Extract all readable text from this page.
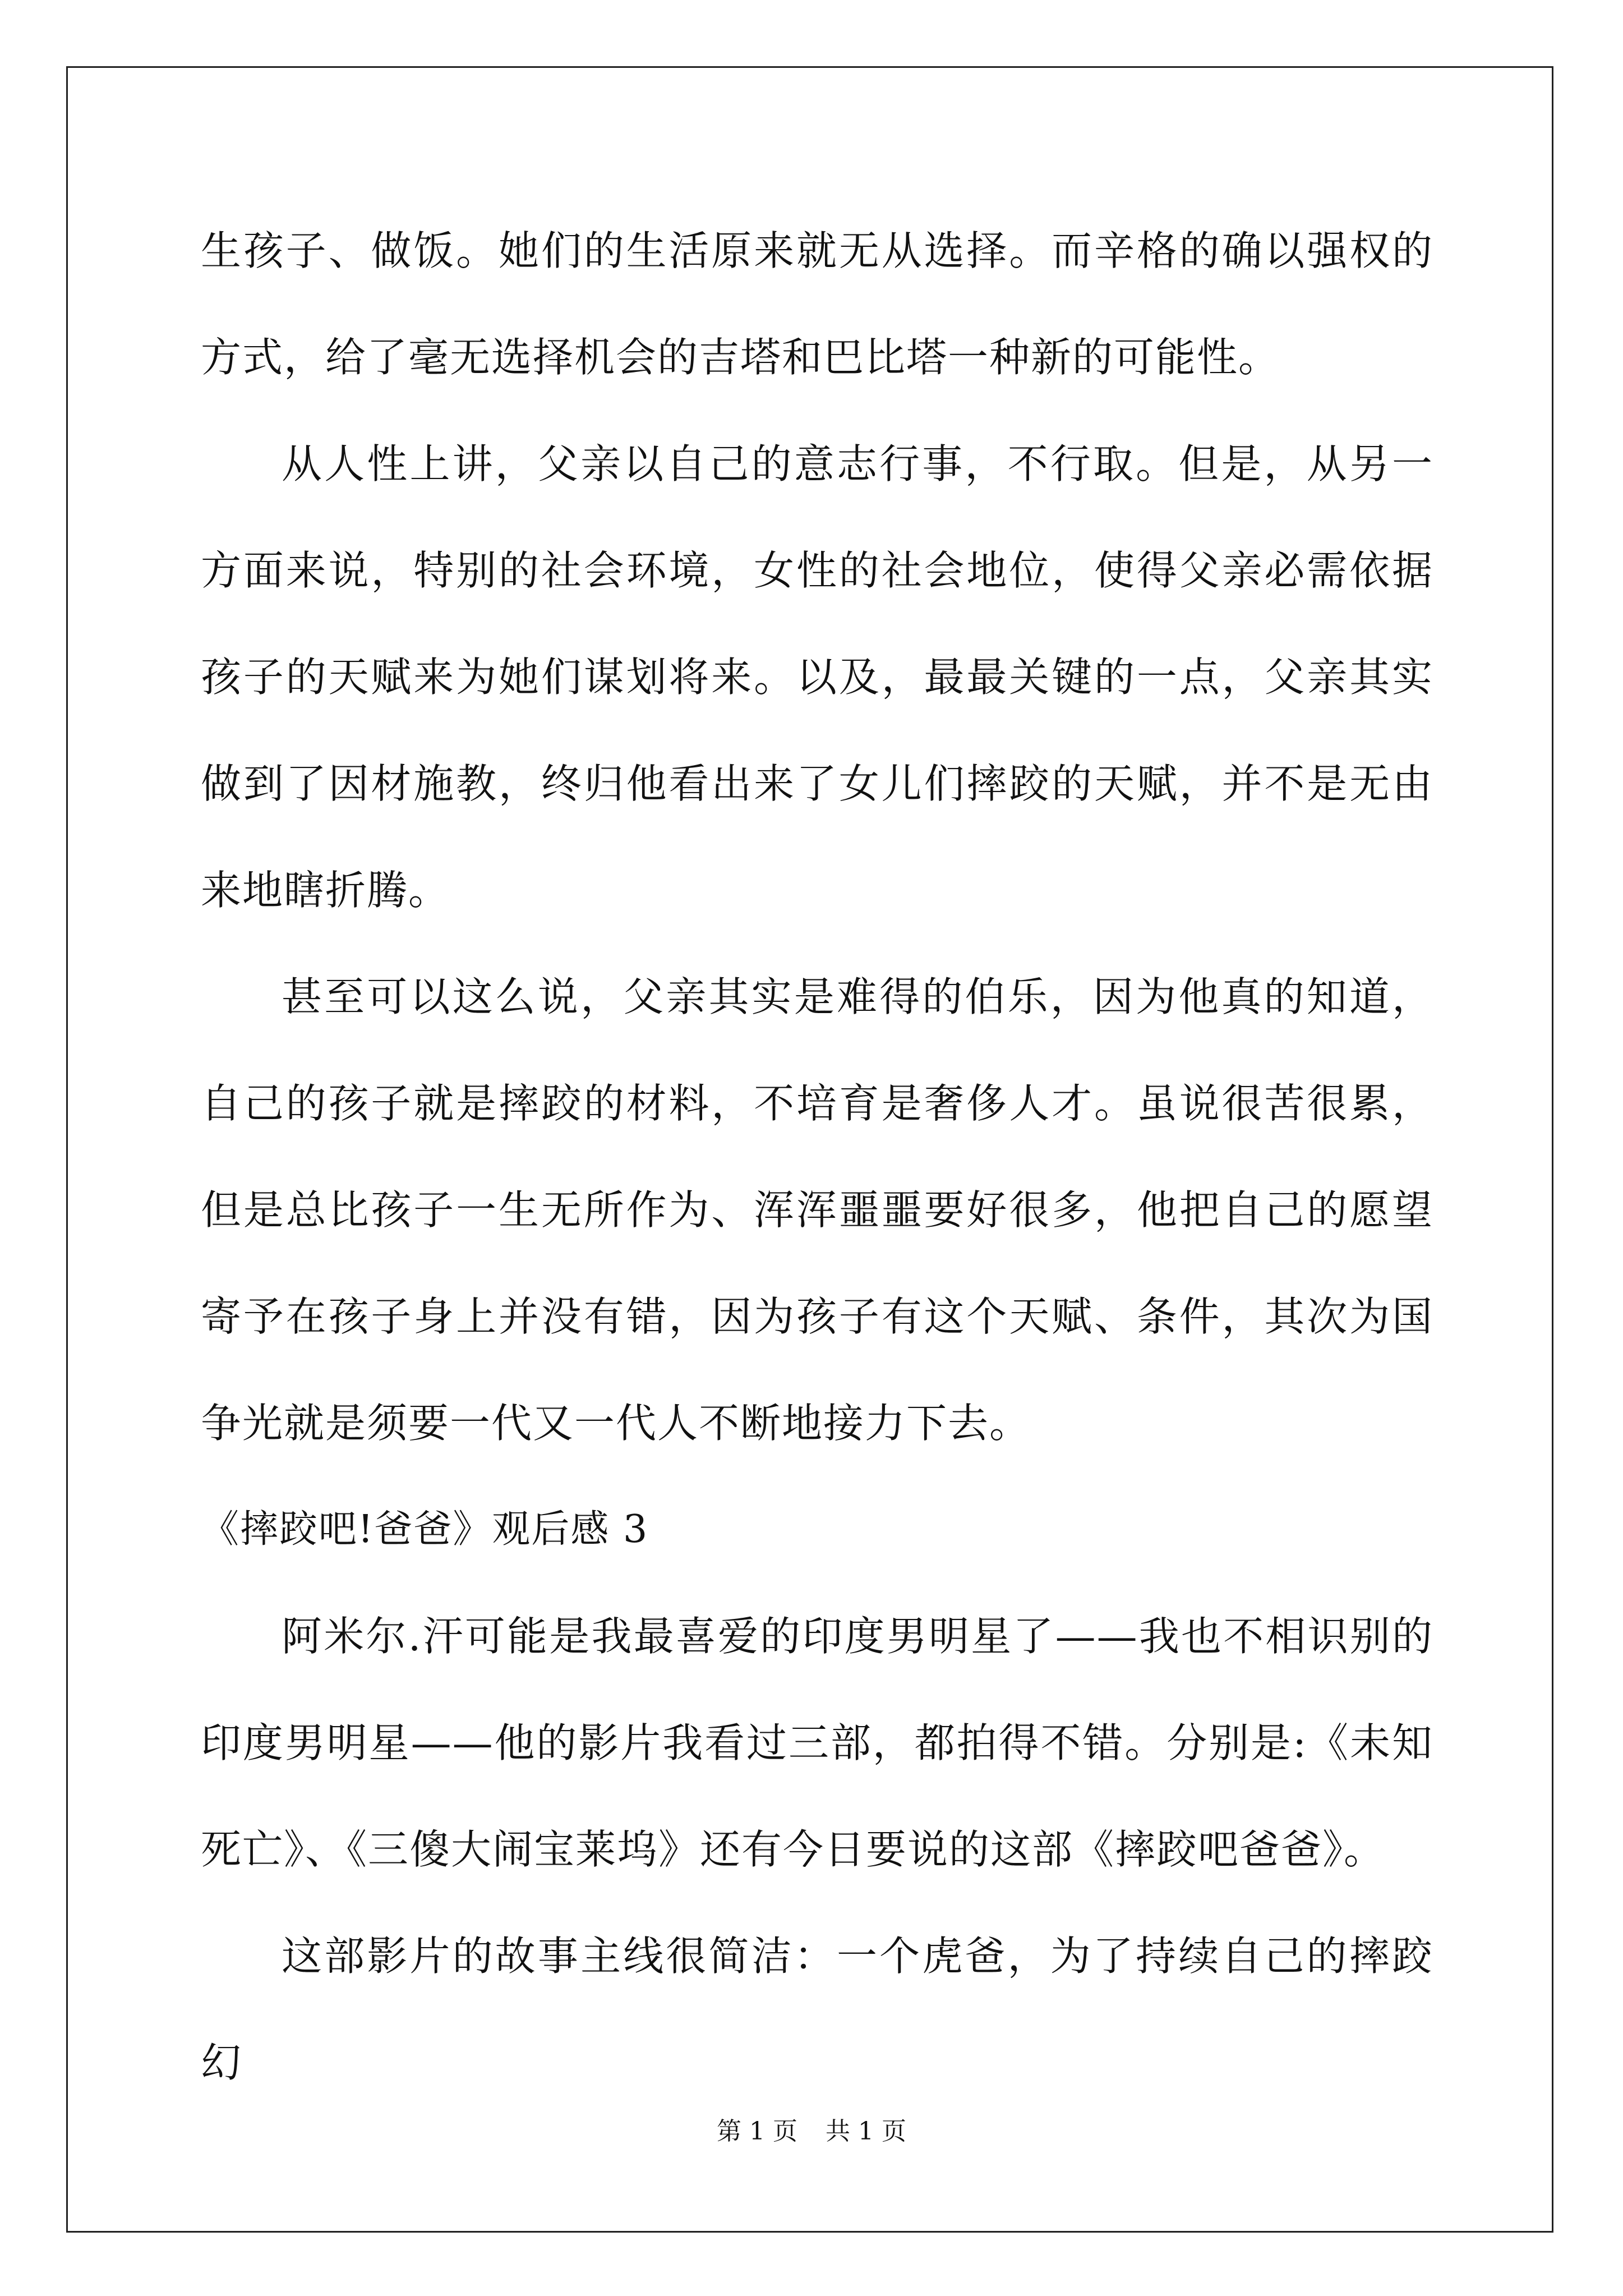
生孩子、做饭。她们的生活原来就无从选择。而辛格的确以强权的方式，给了毫无选择机会的吉塔和巴比塔一种新的可能性。

从人性上讲，父亲以自己的意志行事，不行取。但是，从另一方面来说，特别的社会环境，女性的社会地位，使得父亲必需依据孩子的天赋来为她们谋划将来。以及，最最关键的一点，父亲其实做到了因材施教，终归他看出来了女儿们摔跤的天赋，并不是无由来地瞎折腾。

甚至可以这么说，父亲其实是难得的伯乐，因为他真的知道，自己的孩子就是摔跤的材料，不培育是奢侈人才。虽说很苦很累，但是总比孩子一生无所作为、浑浑噩噩要好很多，他把自己的愿望寄予在孩子身上并没有错，因为孩子有这个天赋、条件，其次为国争光就是须要一代又一代人不断地接力下去。

《摔跤吧!爸爸》观后感 3

阿米尔.汗可能是我最喜爱的印度男明星了——我也不相识别的印度男明星——他的影片我看过三部，都拍得不错。分别是:《未知死亡》、《三傻大闹宝莱坞》还有今日要说的这部《摔跤吧爸爸》。

这部影片的故事主线很简洁：一个虎爸，为了持续自己的摔跤幻

第 1 页 共 1 页
